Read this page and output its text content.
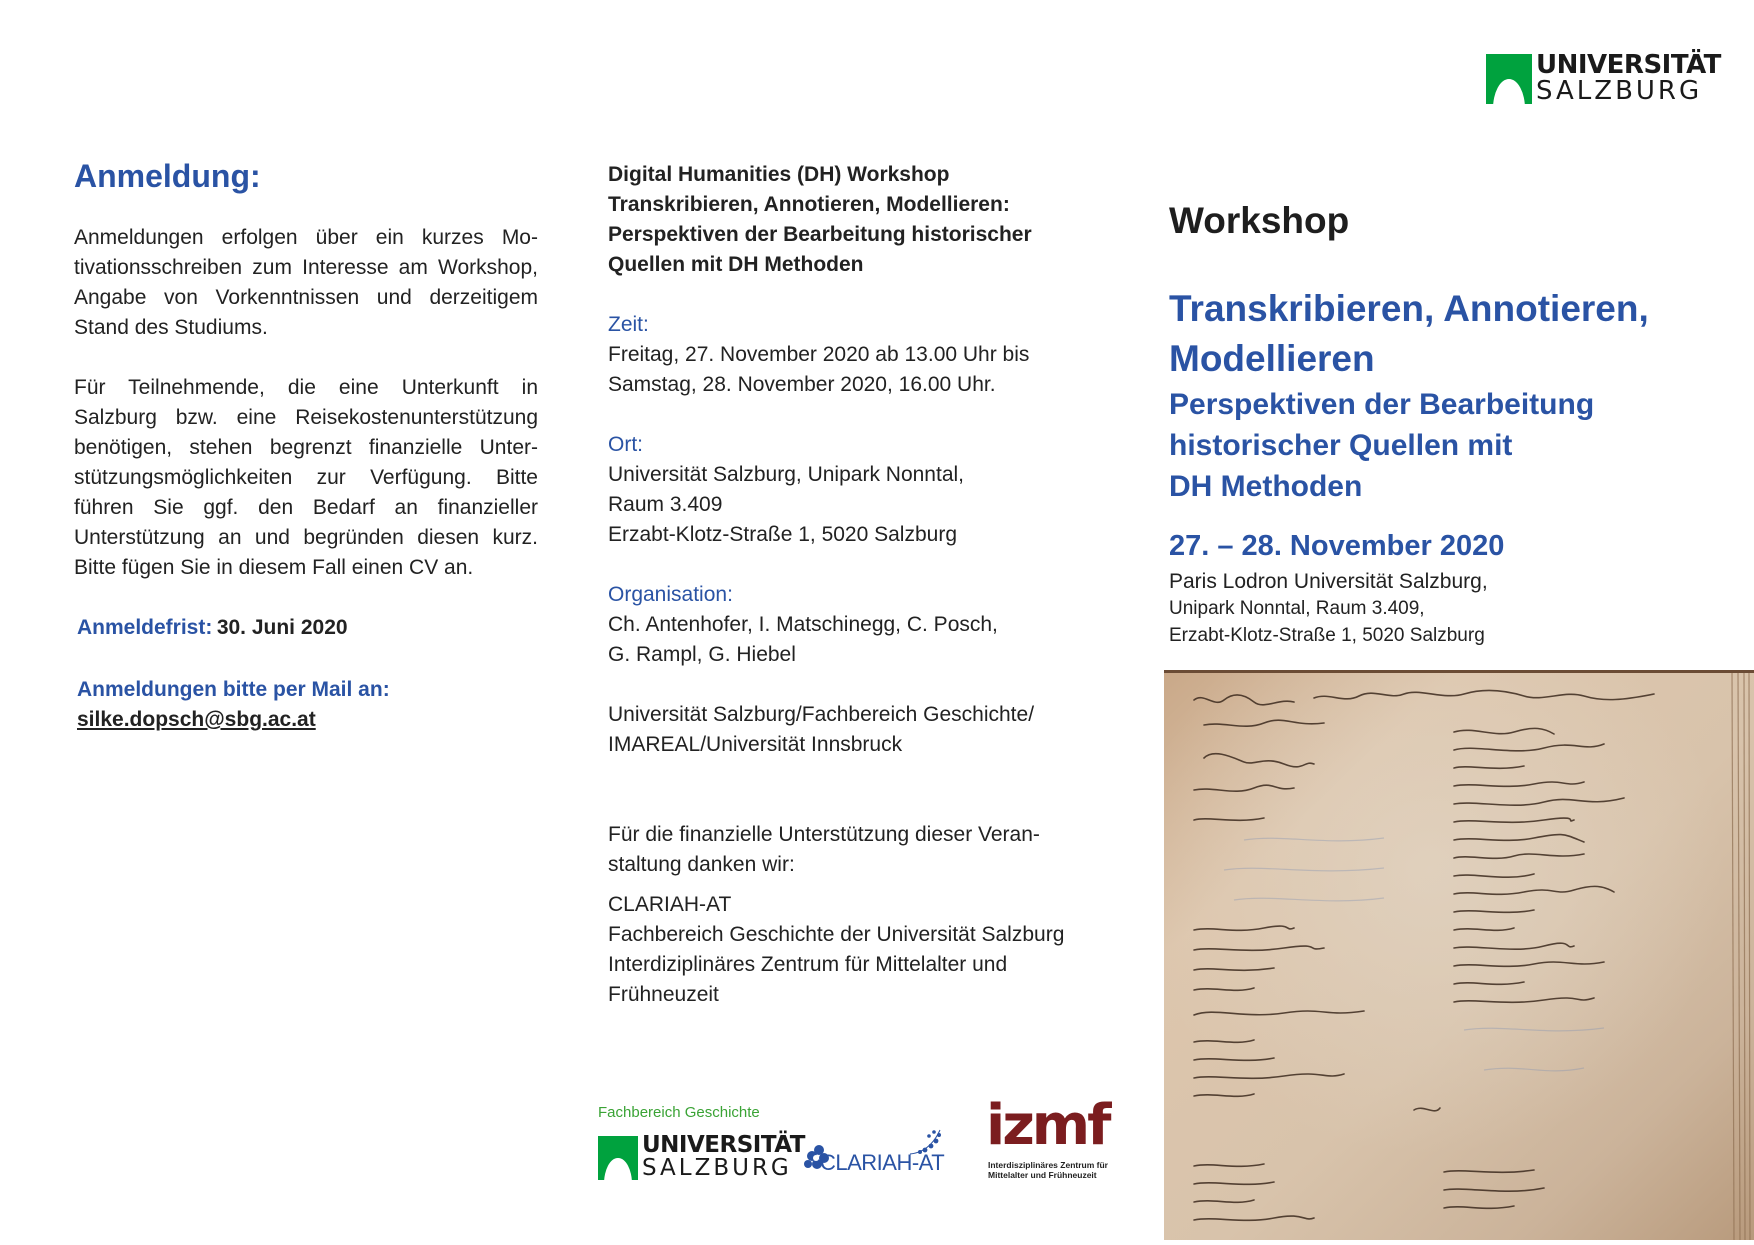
UNIVERSITÄT
SALZBURG
Anmeldung:

Anmeldungen erfolgen über ein kurzes Motivationsschreiben zum Interesse am Workshop, Angabe von Vorkenntnissen und derzeitigem Stand des Studiums.

Für Teilnehmende, die eine Unterkunft in Salzburg bzw. eine Reisekostenunterstützung benötigen, stehen begrenzt finanzielle Unterstützungsmöglichkeiten zur Verfügung. Bitte führen Sie ggf. den Bedarf an finanzieller Unterstützung an und begründen diesen kurz. Bitte fügen Sie in diesem Fall einen CV an.

Anmeldefrist: 30. Juni 2020

Anmeldungen bitte per Mail an:

silke.dopsch@sbg.ac.at

Digital Humanities (DH) Workshop
Transkribieren, Annotieren, Modellieren:
Perspektiven der Bearbeitung historischer
Quellen mit DH Methoden
Zeit:
Freitag, 27. November 2020 ab 13.00 Uhr bis
Samstag, 28. November 2020, 16.00 Uhr.
Ort:
Universität Salzburg, Unipark Nonntal,
Raum 3.409
Erzabt-Klotz-Straße 1, 5020 Salzburg
Organisation:
Ch. Antenhofer, I. Matschinegg, C. Posch,
G. Rampl, G. Hiebel
Universität Salzburg/Fachbereich Geschichte/
IMAREAL/Universität Innsbruck
Für die finanzielle Unterstützung dieser Veran-
staltung danken wir:
CLARIAH-AT
Fachbereich Geschichte der Universität Salzburg
Interdiziplinäres Zentrum für Mittelalter und
Frühneuzeit
Fachbereich Geschichte
UNIVERSITÄT
SALZBURG	CLARIAH-AT
izmf
Interdisziplinäres Zentrum für
Mittelalter und Frühneuzeit
Workshop
Transkribieren, Annotieren,
Modellieren
Perspektiven der Bearbeitung
historischer Quellen mit
DH Methoden
27. – 28. November 2020
Paris Lodron Universität Salzburg,
Unipark Nonntal, Raum 3.409,
Erzabt-Klotz-Straße 1, 5020 Salzburg
